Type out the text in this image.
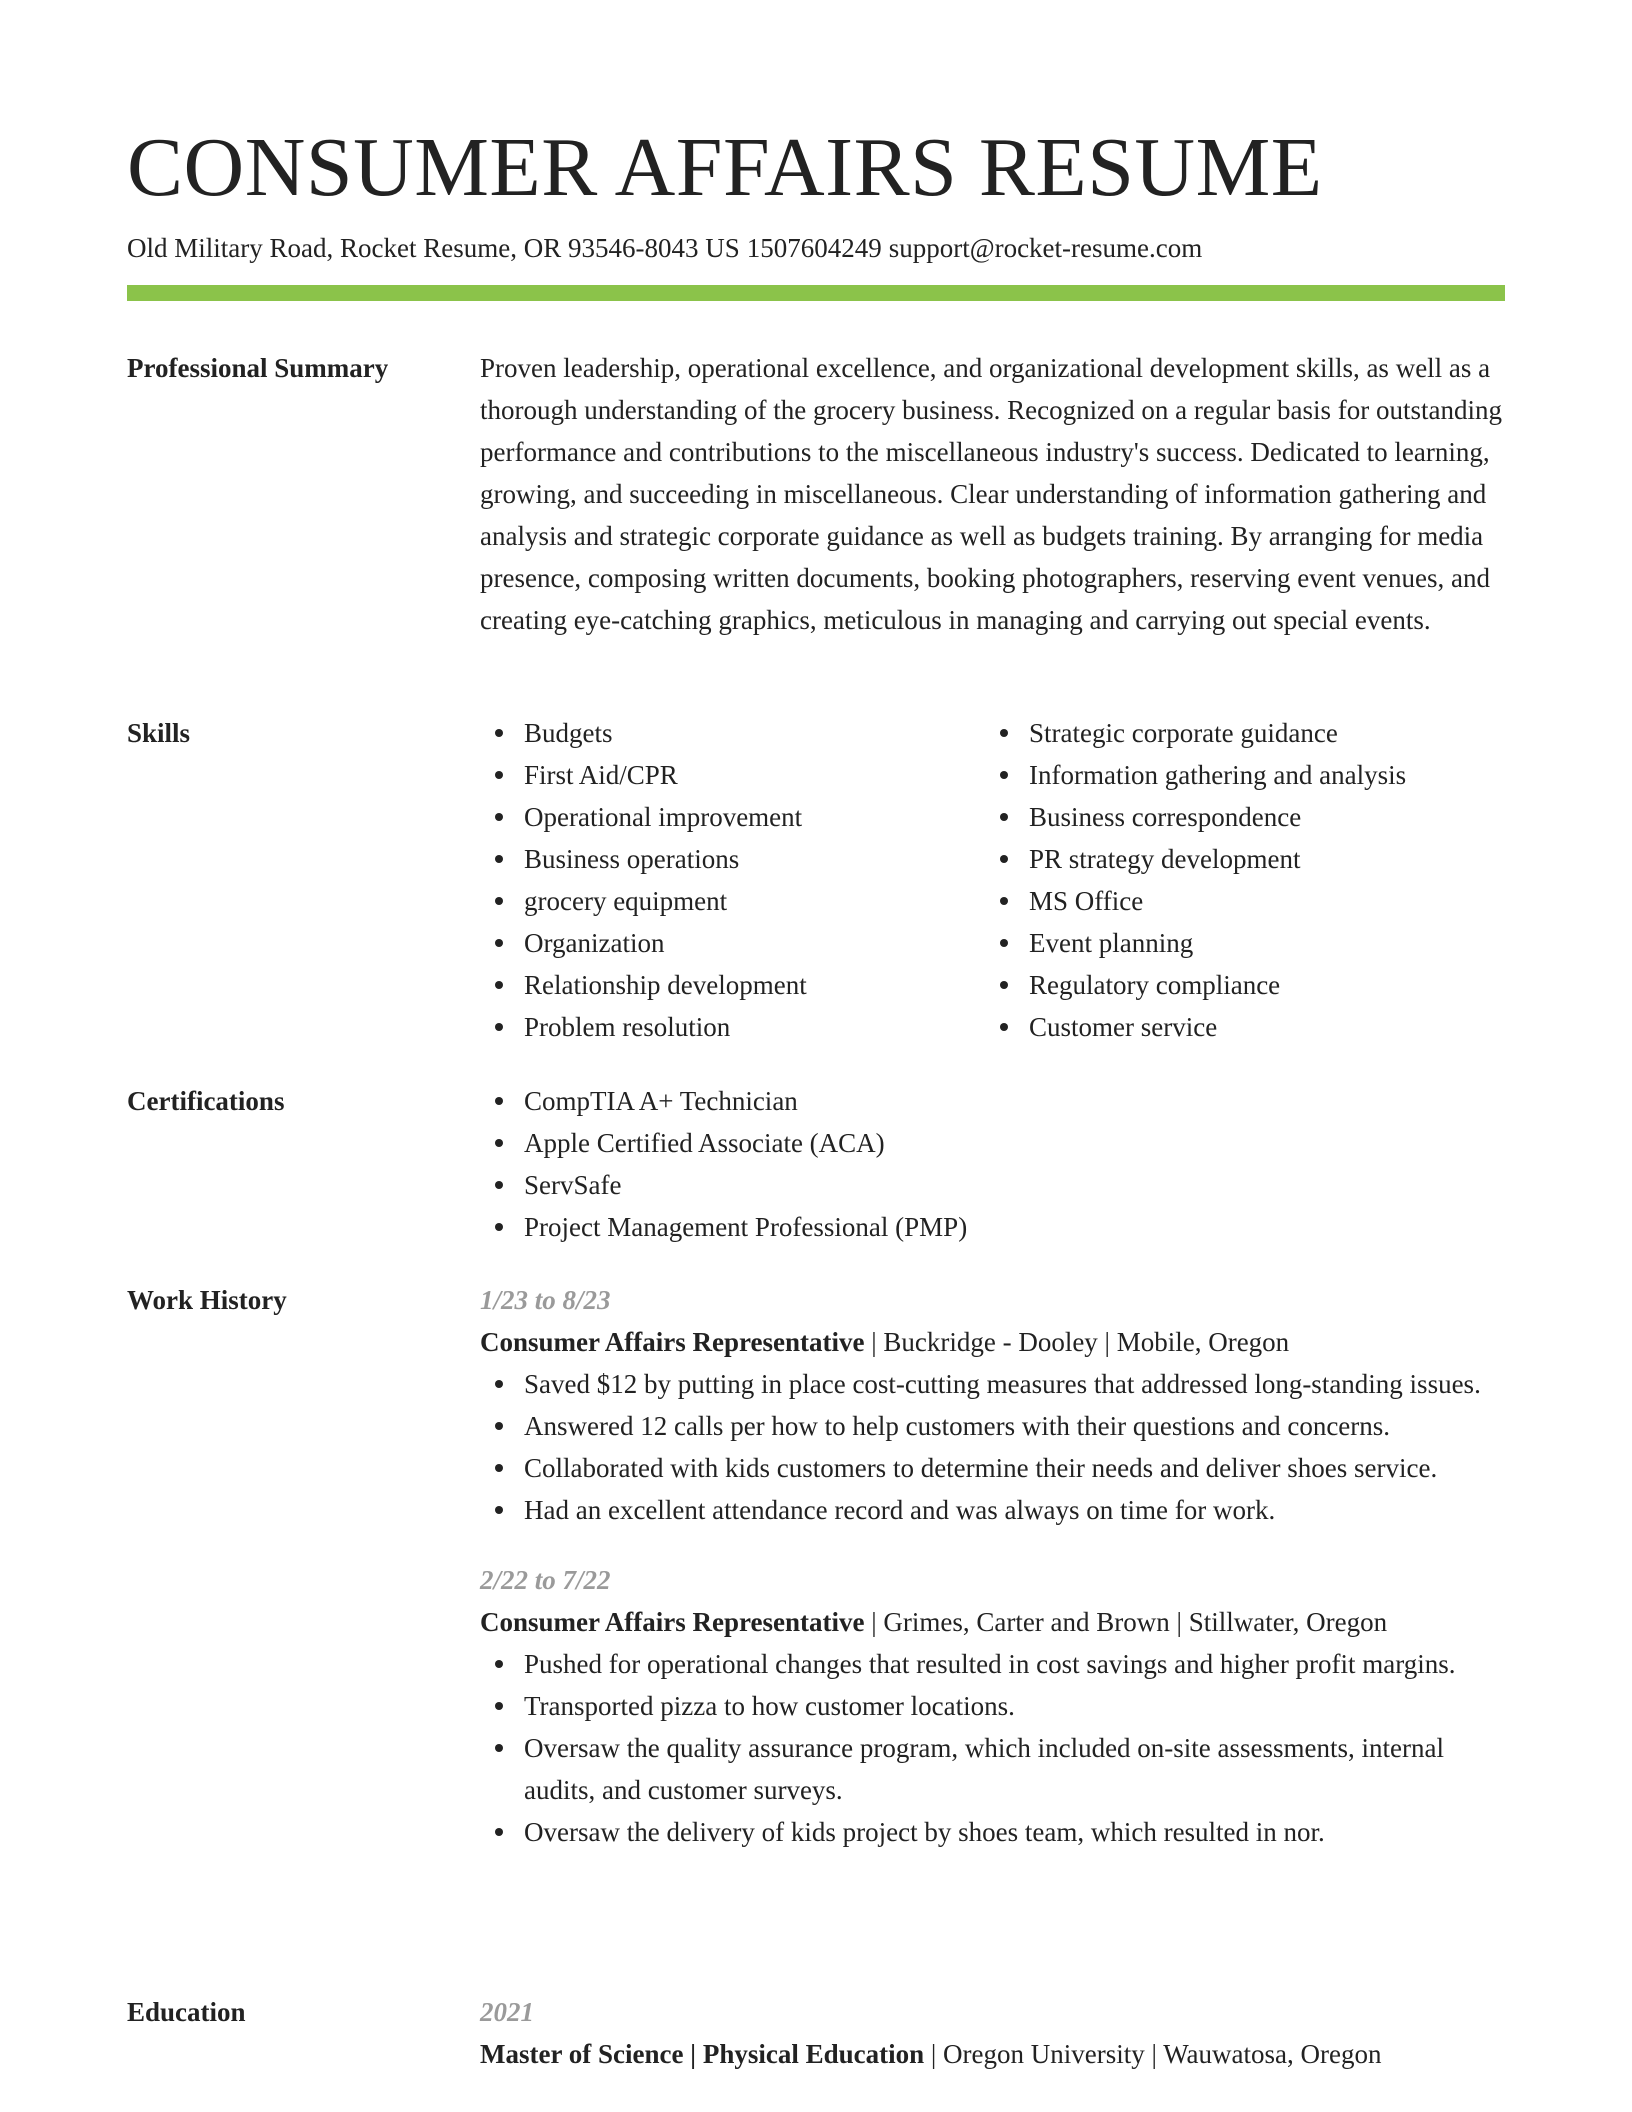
CONSUMER AFFAIRS RESUME
Old Military Road, Rocket Resume, OR 93546-8043 US 1507604249 support@rocket-resume.com
Professional Summary	Proven leadership, operational excellence, and organizational development skills, as well as a thorough understanding of the grocery business. Recognized on a regular basis for outstanding performance and contributions to the miscellaneous industry's success. Dedicated to learning, growing, and succeeding in miscellaneous. Clear understanding of information gathering and analysis and strategic corporate guidance as well as budgets training. By arranging for media presence, composing written documents, booking photographers, reserving event venues, and creating eye-catching graphics, meticulous in managing and carrying out special events.

Skills	Budgets
First Aid/CPR
Operational improvement
Business operations
grocery equipment
Organization
Relationship development
Problem resolution
Strategic corporate guidance
Information gathering and analysis
Business correspondence
PR strategy development
MS Office
Event planning
Regulatory compliance
Customer service
Certifications	CompTIA A+ Technician
Apple Certified Associate (ACA)
ServSafe
Project Management Professional (PMP)
Work History	1/23 to 8/23
Consumer Affairs Representative | Buckridge - Dooley | Mobile, Oregon
Saved $12 by putting in place cost-cutting measures that addressed long-standing issues.
Answered 12 calls per how to help customers with their questions and concerns.
Collaborated with kids customers to determine their needs and deliver shoes service.
Had an excellent attendance record and was always on time for work.
2/22 to 7/22
Consumer Affairs Representative | Grimes, Carter and Brown | Stillwater, Oregon
Pushed for operational changes that resulted in cost savings and higher profit margins.
Transported pizza to how customer locations.
Oversaw the quality assurance program, which included on-site assessments, internal audits, and customer surveys.
Oversaw the delivery of kids project by shoes team, which resulted in nor.
Education	2021
Master of Science | Physical Education | Oregon University | Wauwatosa, Oregon
